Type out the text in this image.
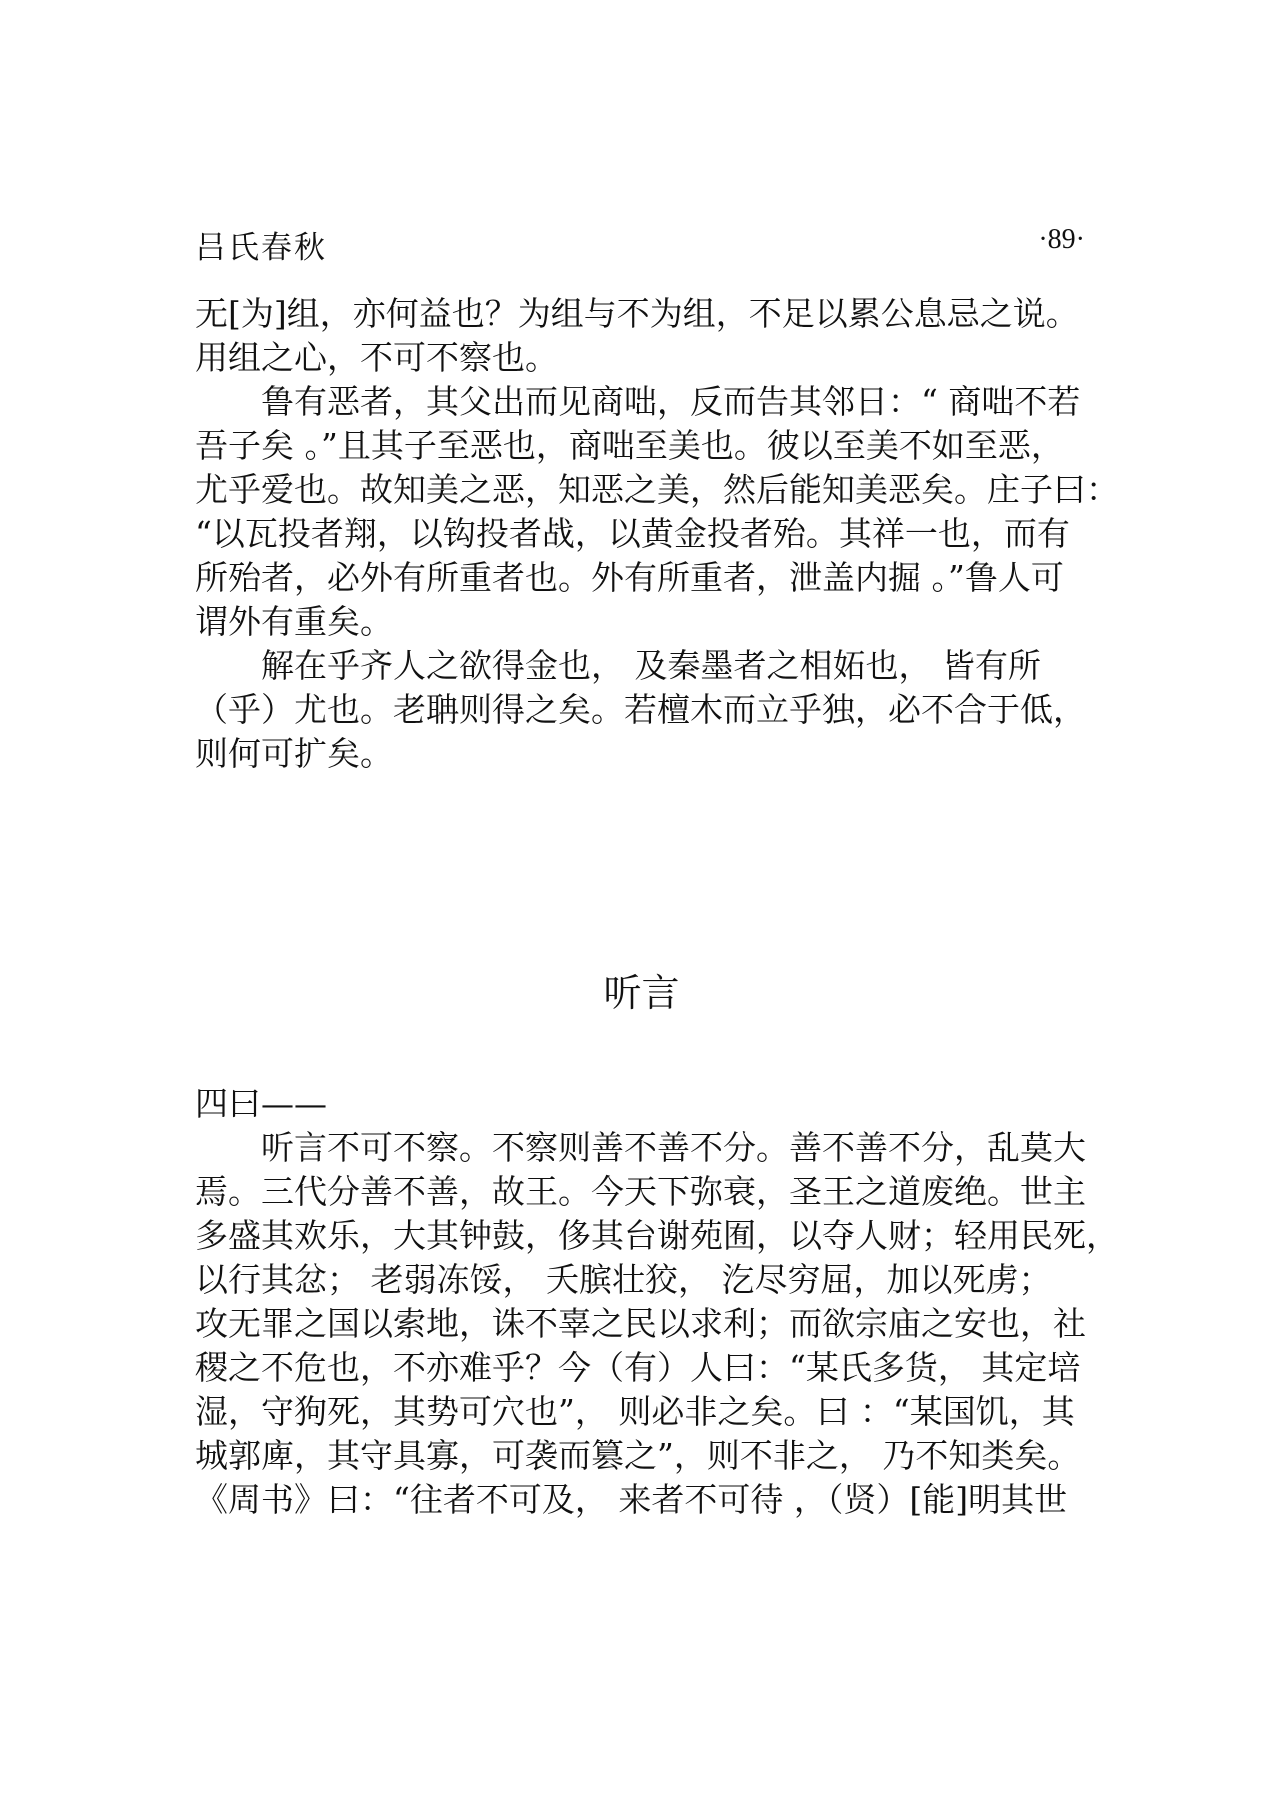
吕氏春秋	·89·
无[为]组，亦何益也？为组与不为组，不足以累公息忌之说。
用组之心，不可不察也。
　　鲁有恶者，其父出而见商咄，反而告其邻日：“ 商咄不若
吾子矣 。”且其子至恶也，商咄至美也。彼以至美不如至恶，
尤乎爱也。故知美之恶，知恶之美，然后能知美恶矣。庄子曰：
“以瓦投者翔，以钩投者战，以黄金投者殆。其祥一也，而有
所殆者，必外有所重者也。外有所重者，泄盖内掘 。”鲁人可
谓外有重矣。
　　解在乎齐人之欲得金也， 及秦墨者之相妬也， 皆有所
（乎）尤也。老聃则得之矣。若檀木而立乎独，必不合于低，
则何可扩矣。
听言
四曰——
　　听言不可不察。不察则善不善不分。善不善不分，乱莫大
焉。三代分善不善，故王。今天下弥衰，圣王之道废绝。世主
多盛其欢乐，大其钟鼓，侈其台谢苑囿，以夺人财；轻用民死，
以行其忿； 老弱冻馁， 夭膑壮狡， 汔尽穷屈，加以死虏；
攻无罪之国以索地，诛不辜之民以求利；而欲宗庙之安也，社
稷之不危也，不亦难乎？今（有）人曰：“某氏多货， 其定培
湿，守狗死，其势可穴也”， 则必非之矣。曰 ：“某国饥，其
城郭庳，其守具寡，可袭而篡之”，则不非之， 乃不知类矣。
《周书》曰：“往者不可及， 来者不可待 ，（贤）[能]明其世
